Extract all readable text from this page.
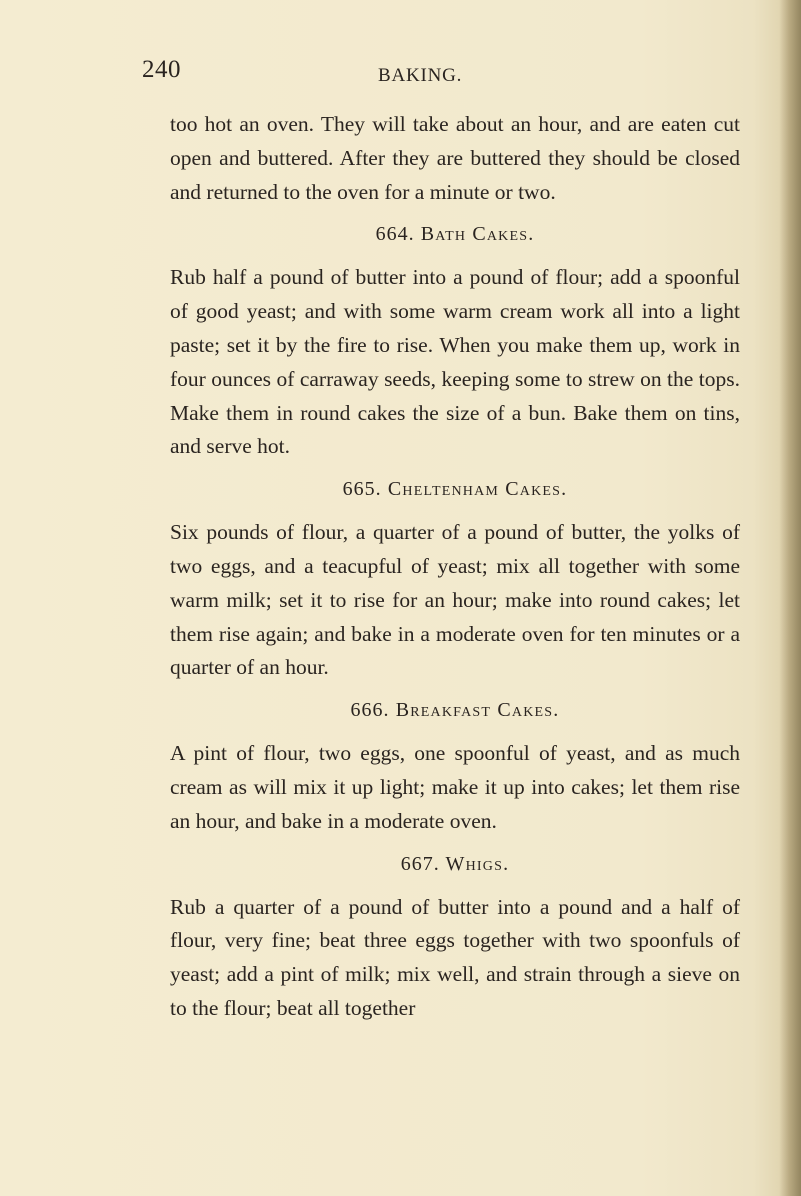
240	BAKING.

too hot an oven. They will take about an hour, and are eaten cut open and buttered. After they are buttered they should be closed and returned to the oven for a minute or two.

664. Bath Cakes.

Rub half a pound of butter into a pound of flour; add a spoonful of good yeast; and with some warm cream work all into a light paste; set it by the fire to rise. When you make them up, work in four ounces of carraway seeds, keeping some to strew on the tops. Make them in round cakes the size of a bun. Bake them on tins, and serve hot.

665. Cheltenham Cakes.

Six pounds of flour, a quarter of a pound of butter, the yolks of two eggs, and a teacupful of yeast; mix all together with some warm milk; set it to rise for an hour; make into round cakes; let them rise again; and bake in a moderate oven for ten minutes or a quarter of an hour.

666. Breakfast Cakes.

A pint of flour, two eggs, one spoonful of yeast, and as much cream as will mix it up light; make it up into cakes; let them rise an hour, and bake in a moderate oven.

667. Whigs.

Rub a quarter of a pound of butter into a pound and a half of flour, very fine; beat three eggs together with two spoonfuls of yeast; add a pint of milk; mix well, and strain through a sieve on to the flour; beat all together
